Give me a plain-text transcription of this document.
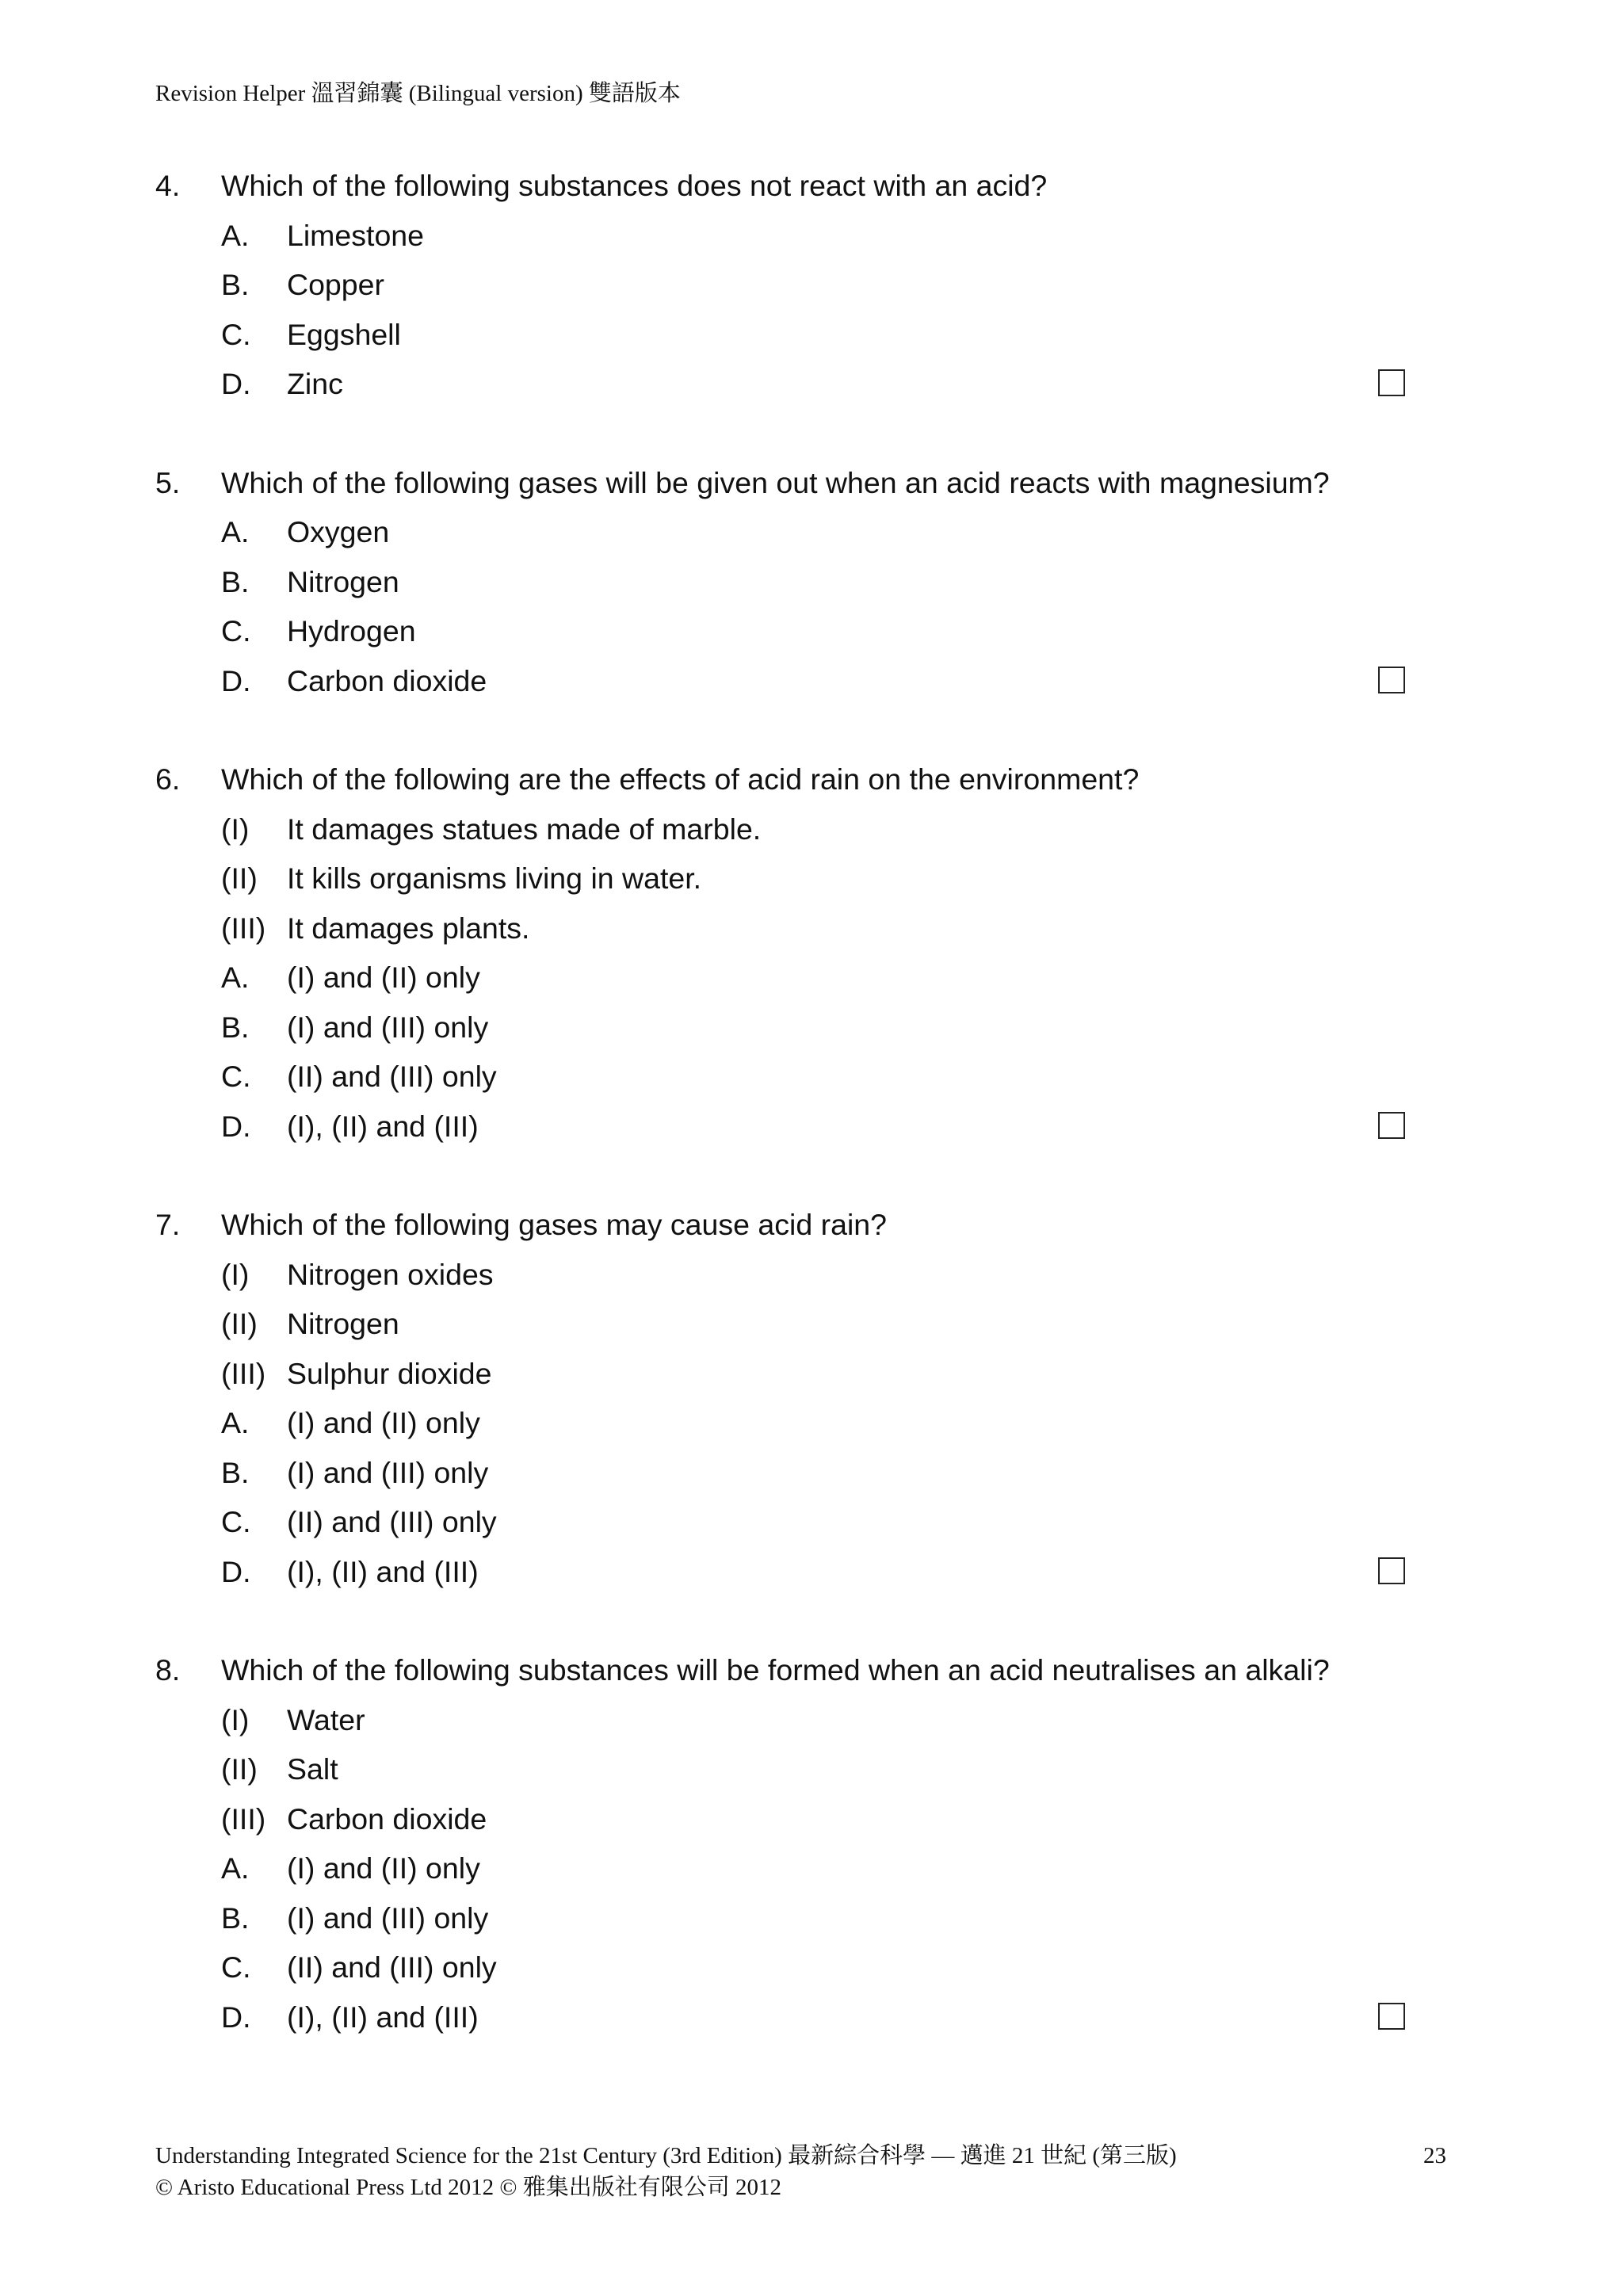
Revision Helper 溫習錦囊 (Bilingual version) 雙語版本
4. Which of the following substances does not react with an acid?
A. Limestone
B. Copper
C. Eggshell
D. Zinc
5. Which of the following gases will be given out when an acid reacts with magnesium?
A. Oxygen
B. Nitrogen
C. Hydrogen
D. Carbon dioxide
6. Which of the following are the effects of acid rain on the environment?
(I) It damages statues made of marble.
(II) It kills organisms living in water.
(III) It damages plants.
A. (I) and (II) only
B. (I) and (III) only
C. (II) and (III) only
D. (I), (II) and (III)
7. Which of the following gases may cause acid rain?
(I) Nitrogen oxides
(II) Nitrogen
(III) Sulphur dioxide
A. (I) and (II) only
B. (I) and (III) only
C. (II) and (III) only
D. (I), (II) and (III)
8. Which of the following substances will be formed when an acid neutralises an alkali?
(I) Water
(II) Salt
(III) Carbon dioxide
A. (I) and (II) only
B. (I) and (III) only
C. (II) and (III) only
D. (I), (II) and (III)
Understanding Integrated Science for the 21st Century (3rd Edition) 最新綜合科學 — 邁進 21 世紀 (第三版)	23
© Aristo Educational Press Ltd 2012 © 雅集出版社有限公司 2012
